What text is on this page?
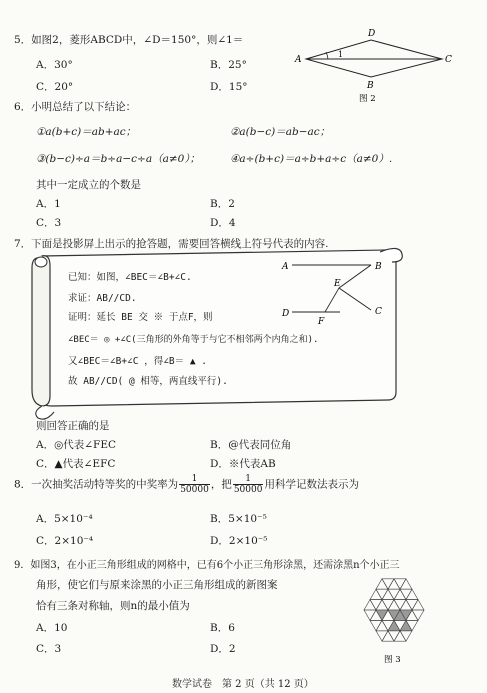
5．如图2，菱形ABCD中，∠D＝150°，则∠1＝
A．30°	B．25°
C．20°	D．15°
A
B
C
D
1
图 2
6．小明总结了以下结论：
①a(b+c)＝ab+ac；	②a(b−c)＝ab−ac；
③(b−c)÷a＝b÷a−c÷a（a≠0）；	④a÷(b+c)＝a÷b+a÷c（a≠0）.
其中一定成立的个数是
A．1	B．2
C．3	D．4
7．下面是投影屏上出示的抢答题，需要回答横线上符号代表的内容.
A	B
E
C
D
F
已知：如图，∠BEC＝∠B+∠C.
求证：AB//CD.
证明：延长 BE 交 ※ 于点F，则
∠BEC＝ ◎ +∠C(三角形的外角等于与它不相邻两个内角之和).
又∠BEC＝∠B+∠C ，得∠B＝ ▲ .
故 AB//CD( @ 相等，两直线平行).
则回答正确的是
A．◎代表∠FEC	B．@代表同位角
C．▲代表∠EFC	D．※代表AB
8．一次抽奖活动特等奖的中奖率为 $\frac{1}{50000}$ ，把 $\frac{1}{50000}$ 用科学记数法表示为
A．5×10⁻⁴	B．5×10⁻⁵
C．2×10⁻⁴	D．2×10⁻⁵
9．如图3，在小正三角形组成的网格中，已有6个小正三角形涂黑，还需涂黑n个小正三
角形，使它们与原来涂黑的小正三角形组成的新图案
恰有三条对称轴，则n的最小值为
A．10	B．6
C．3	D．2
图 3
数学试卷　第 2 页（共 12 页）
